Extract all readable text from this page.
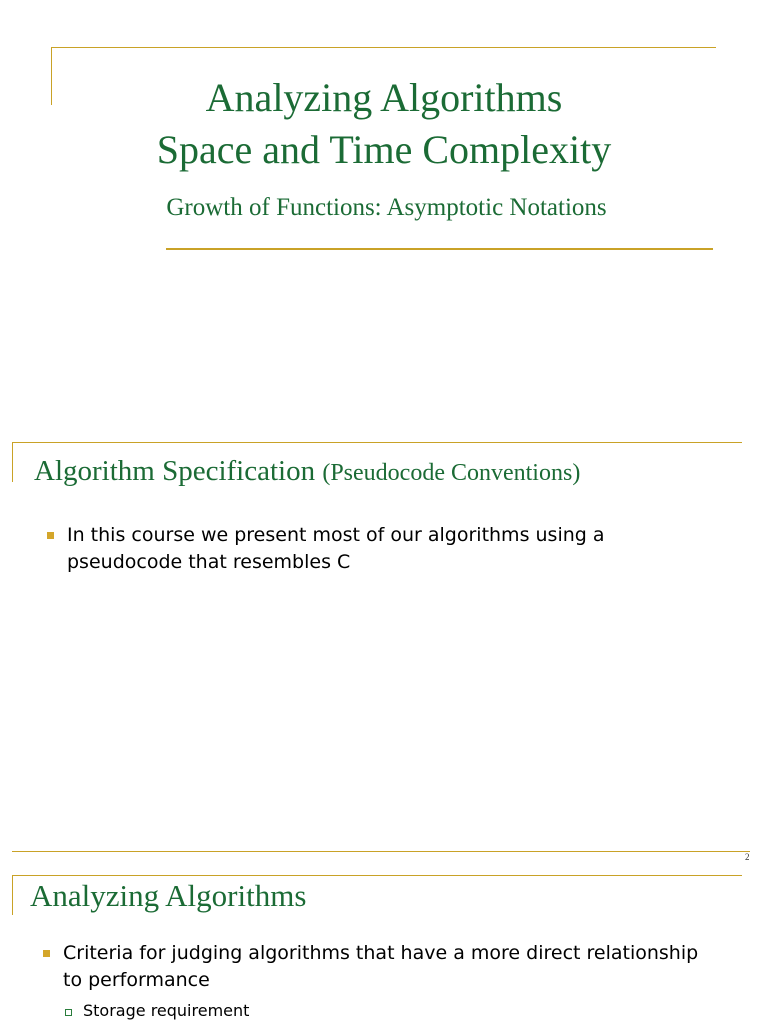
Analyzing Algorithms
Space and Time Complexity
Growth of Functions: Asymptotic Notations
Algorithm Specification (Pseudocode Conventions)
In this course we present most of our algorithms using a
pseudocode that resembles C
2
Analyzing Algorithms
Criteria for judging algorithms that have a more direct relationship
to performance
Storage requirement
